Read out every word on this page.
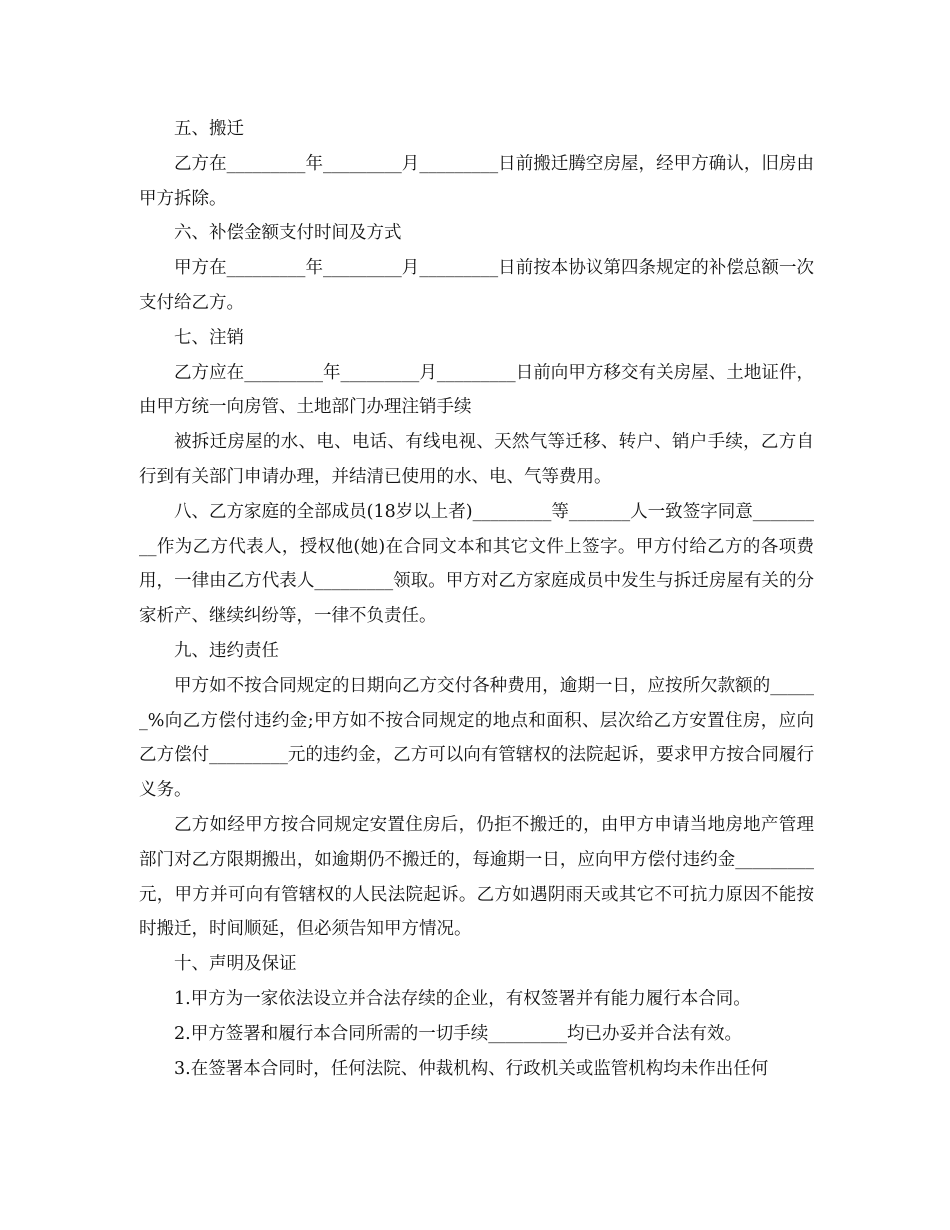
五、搬迁

乙方在_________年_________月_________日前搬迁腾空房屋，经甲方确认，旧房由甲方拆除。

六、补偿金额支付时间及方式

甲方在_________年_________月_________日前按本协议第四条规定的补偿总额一次支付给乙方。

七、注销

乙方应在_________年_________月_________日前向甲方移交有关房屋、土地证件，由甲方统一向房管、土地部门办理注销手续

被拆迁房屋的水、电、电话、有线电视、天然气等迁移、转户、销户手续，乙方自行到有关部门申请办理，并结清已使用的水、电、气等费用。

八、乙方家庭的全部成员(18岁以上者)_________等_______人一致签字同意_________作为乙方代表人，授权他(她)在合同文本和其它文件上签字。甲方付给乙方的各项费用，一律由乙方代表人_________领取。甲方对乙方家庭成员中发生与拆迁房屋有关的分家析产、继续纠纷等，一律不负责任。

九、违约责任

甲方如不按合同规定的日期向乙方交付各种费用，逾期一日，应按所欠款额的______%向乙方偿付违约金;甲方如不按合同规定的地点和面积、层次给乙方安置住房，应向乙方偿付_________元的违约金，乙方可以向有管辖权的法院起诉，要求甲方按合同履行义务。

乙方如经甲方按合同规定安置住房后，仍拒不搬迁的，由甲方申请当地房地产管理部门对乙方限期搬出，如逾期仍不搬迁的，每逾期一日，应向甲方偿付违约金_________元，甲方并可向有管辖权的人民法院起诉。乙方如遇阴雨天或其它不可抗力原因不能按时搬迁，时间顺延，但必须告知甲方情况。

十、声明及保证

1.甲方为一家依法设立并合法存续的企业，有权签署并有能力履行本合同。

2.甲方签署和履行本合同所需的一切手续_________均已办妥并合法有效。

3.在签署本合同时，任何法院、仲裁机构、行政机关或监管机构均未作出任何
